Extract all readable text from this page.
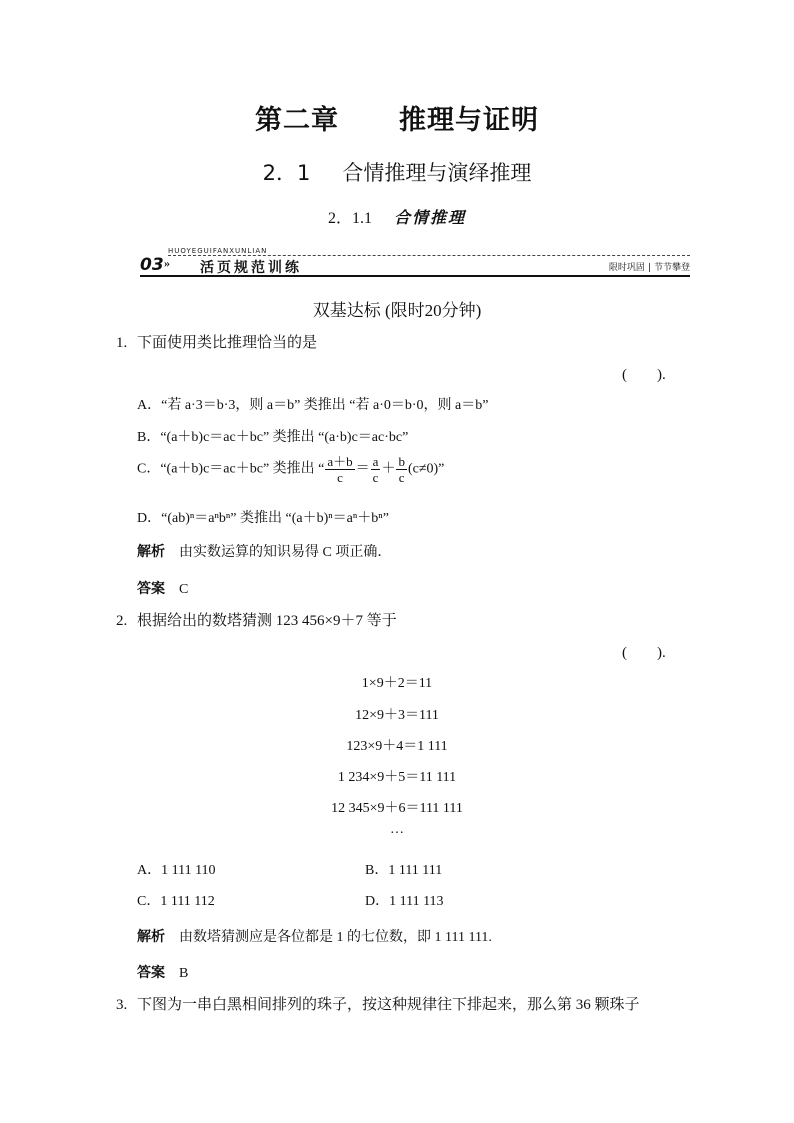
第二章 推理与证明
2．1 合情推理与演绎推理
2．1.1 合情推理
HUOYEGUIFANXUNLIAN
03 » 活页规范训练	限时巩固 | 节节攀登
双基达标 (限时20分钟)
1. 下面使用类比推理恰当的是
(　　).
A．“若 a·3＝b·3，则 a＝b” 类推出 “若 a·0＝b·0，则 a＝b”
B．“(a＋b)c＝ac＋bc” 类推出 “(a·b)c＝ac·bc”
C．“(a＋b)c＝ac＋bc” 类推出 “ $\frac{a+b}{c} = \frac{a}{c} + \frac{b}{c} (c\ne 0)$”
D．“(ab)ⁿ＝aⁿbⁿ” 类推出 “(a＋b)ⁿ＝aⁿ＋bⁿ”
解析 由实数运算的知识易得 C 项正确．
答案 C
2. 根据给出的数塔猜测 123 456×9＋7 等于
(　　).
1×9＋2＝11
12×9＋3＝111
123×9＋4＝1 111
1 234×9＋5＝11 111
12 345×9＋6＝111 111
…
A．1 111 110	B．1 111 111
C．1 111 112	D．1 111 113
解析 由数塔猜测应是各位都是 1 的七位数，即 1 111 111.
答案 B
3. 下图为一串白黑相间排列的珠子，按这种规律往下排起来，那么第 36 颗珠子
